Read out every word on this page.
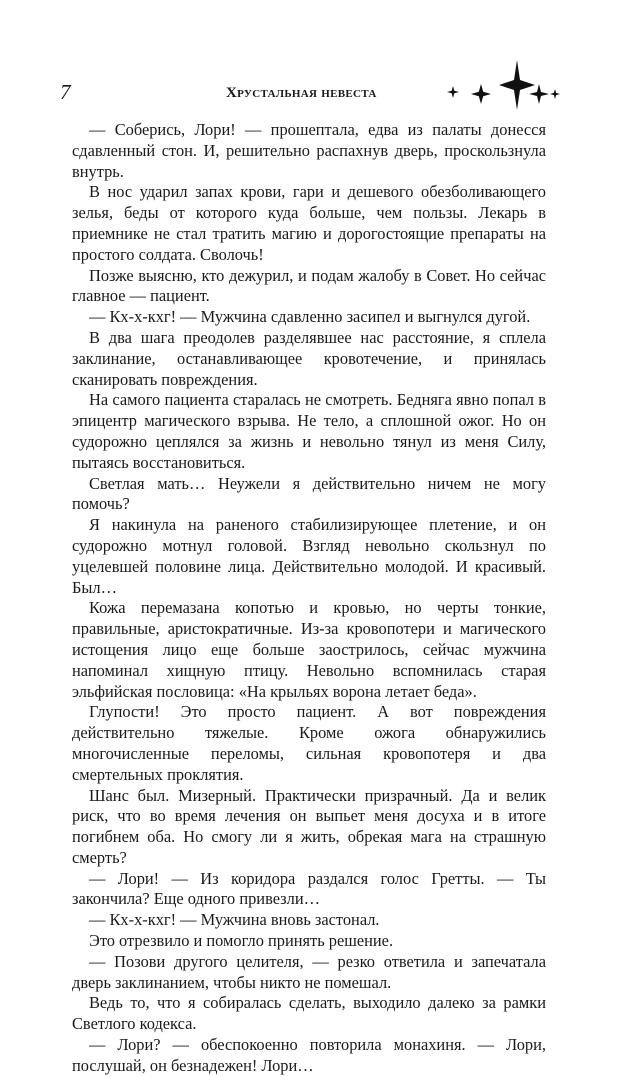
7	Хрустальная невеста

— Соберись, Лори! — прошептала, едва из палаты донесся сдавленный стон. И, решительно распахнув дверь, проскользнула внутрь.

В нос ударил запах крови, гари и дешевого обезболивающего зелья, беды от которого куда больше, чем пользы. Лекарь в приемнике не стал тратить магию и дорогостоящие препараты на простого солдата. Сволочь!

Позже выясню, кто дежурил, и подам жалобу в Совет. Но сейчас главное — пациент.

— Кх-х-кхг! — Мужчина сдавленно засипел и выгнулся дугой.

В два шага преодолев разделявшее нас расстояние, я сплела заклинание, останавливающее кровотечение, и принялась сканировать повреждения.

На самого пациента старалась не смотреть. Бедняга явно попал в эпицентр магического взрыва. Не тело, а сплошной ожог. Но он судорожно цеплялся за жизнь и невольно тянул из меня Силу, пытаясь восстановиться.

Светлая мать… Неужели я действительно ничем не могу помочь?

Я накинула на раненого стабилизирующее плетение, и он судорожно мотнул головой. Взгляд невольно скользнул по уцелевшей половине лица. Действительно молодой. И красивый. Был…

Кожа перемазана копотью и кровью, но черты тонкие, правильные, аристократичные. Из-за кровопотери и магического истощения лицо еще больше заострилось, сейчас мужчина напоминал хищную птицу. Невольно вспомнилась старая эльфийская пословица: «На крыльях ворона летает беда».

Глупости! Это просто пациент. А вот повреждения действительно тяжелые. Кроме ожога обнаружились многочисленные переломы, сильная кровопотеря и два смертельных проклятия.

Шанс был. Мизерный. Практически призрачный. Да и велик риск, что во время лечения он выпьет меня досуха и в итоге погибнем оба. Но смогу ли я жить, обрекая мага на страшную смерть?

— Лори! — Из коридора раздался голос Гретты. — Ты закончила? Еще одного привезли…

— Кх-х-кхг! — Мужчина вновь застонал.

Это отрезвило и помогло принять решение.

— Позови другого целителя, — резко ответила и запечатала дверь заклинанием, чтобы никто не помешал.

Ведь то, что я собиралась сделать, выходило далеко за рамки Светлого кодекса.

— Лори? — обеспокоенно повторила монахиня. — Лори, послушай, он безнадежен! Лори…
